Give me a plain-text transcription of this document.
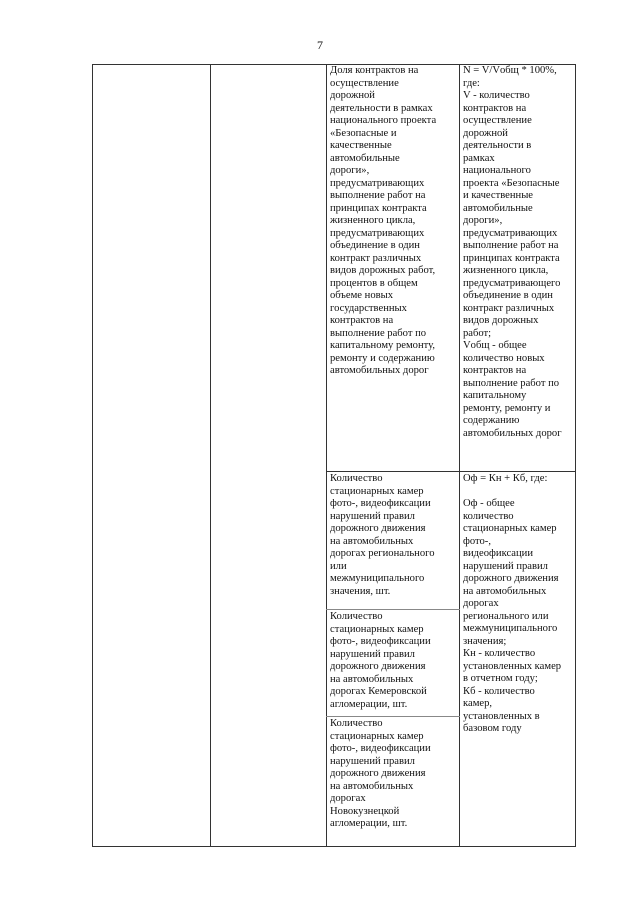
7
Доля контрактов на
осуществление
дорожной
деятельности в рамках
национального проекта
«Безопасные и
качественные
автомобильные
дороги»,
предусматривающих
выполнение работ на
принципах контракта
жизненного цикла,
предусматривающих
объединение в один
контракт различных
видов дорожных работ,
процентов в общем
объеме новых
государственных
контрактов на
выполнение работ по
капитальному ремонту,
ремонту и содержанию
автомобильных дорог
N = V/Vобщ * 100%,
где:
V - количество
контрактов на
осуществление
дорожной
деятельности в
рамках
национального
проекта «Безопасные
и качественные
автомобильные
дороги»,
предусматривающих
выполнение работ на
принципах контракта
жизненного цикла,
предусматривающего
объединение в один
контракт различных
видов дорожных
работ;
Vобщ - общее
количество новых
контрактов на
выполнение работ по
капитальному
ремонту, ремонту и
содержанию
автомобильных дорог
Количество
стационарных камер
фото-, видеофиксации
нарушений правил
дорожного движения
на автомобильных
дорогах регионального
или
межмуниципального
значения, шт.
Количество
стационарных камер
фото-, видеофиксации
нарушений правил
дорожного движения
на автомобильных
дорогах Кемеровской
агломерации, шт.
Количество
стационарных камер
фото-, видеофиксации
нарушений правил
дорожного движения
на автомобильных
дорогах
Новокузнецкой
агломерации, шт.
Оф = Кн + Кб, где:

Оф - общее
количество
стационарных камер
фото-,
видеофиксации
нарушений правил
дорожного движения
на автомобильных
дорогах
регионального или
межмуниципального
значения;
Кн - количество
установленных камер
в отчетном году;
Кб - количество
камер,
установленных в
базовом году
